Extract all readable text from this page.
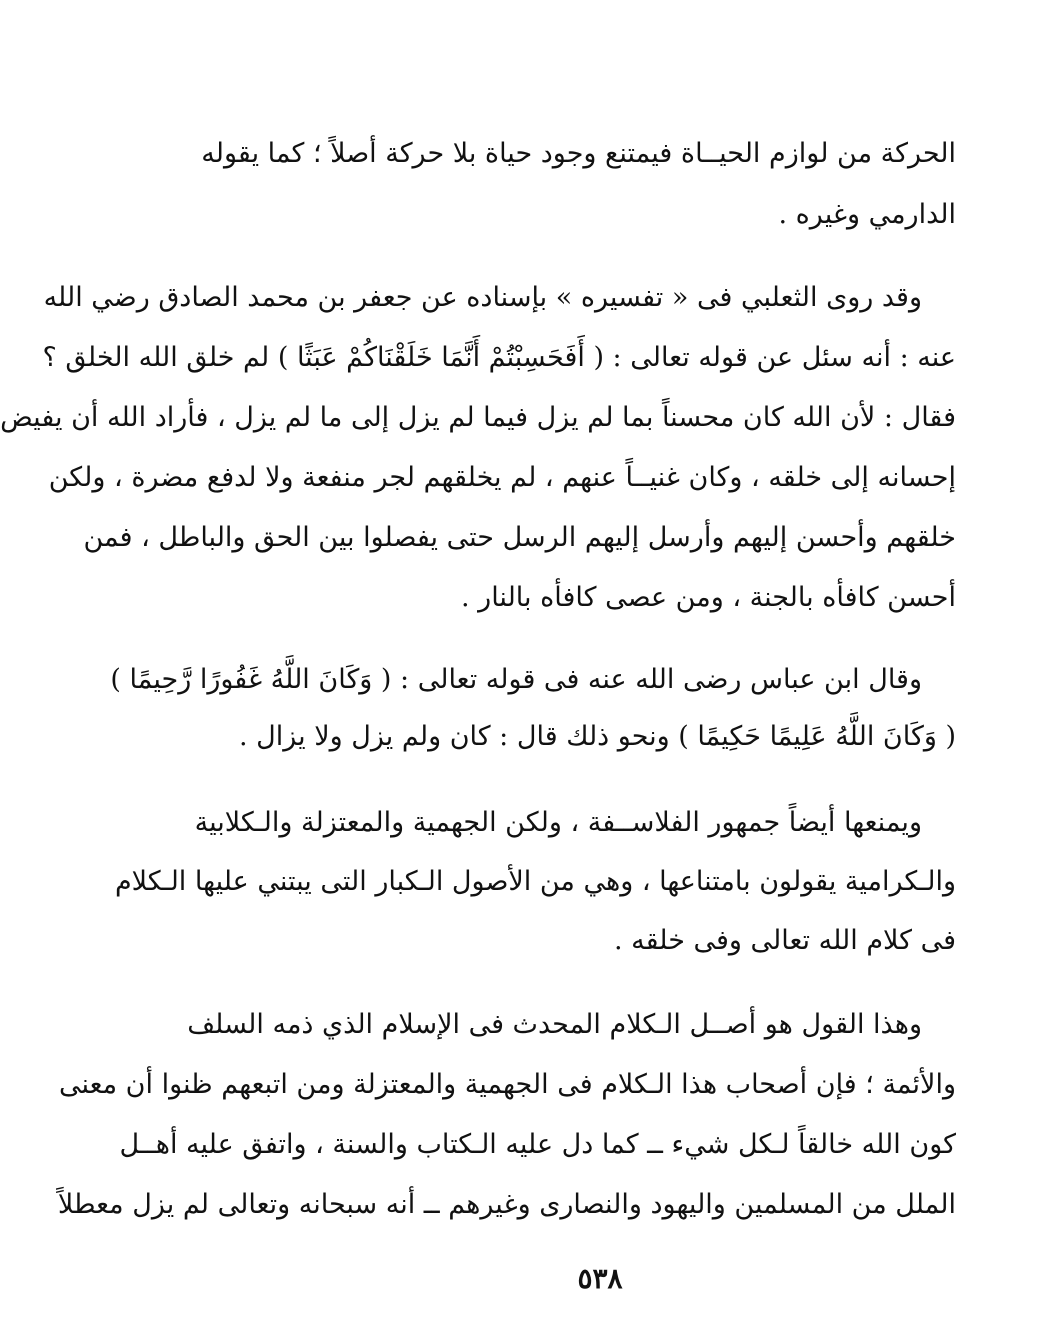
الحركة من لوازم الحيــاة فيمتنع وجود حياة بلا حركة أصلاً ؛ كما يقوله
الدارمي وغيره .
وقد روى الثعلبي فى « تفسيره » بإسناده عن جعفر بن محمد الصادق رضي الله
عنه : أنه سئل عن قوله تعالى : ( أَفَحَسِبْتُمْ أَنَّمَا خَلَقْنَاكُمْ عَبَثًا ) لم خلق الله الخلق ؟
فقال : لأن الله كان محسناً بما لم يزل فيما لم يزل إلى ما لم يزل ، فأراد الله أن يفيض
إحسانه إلى خلقه ، وكان غنيــاً عنهم ، لم يخلقهم لجر منفعة ولا لدفع مضرة ، ولكن
خلقهم وأحسن إليهم وأرسل إليهم الرسل حتى يفصلوا بين الحق والباطل ، فمن
أحسن كافأه بالجنة ، ومن عصى كافأه بالنار .
وقال ابن عباس رضى الله عنه فى قوله تعالى : ( وَكَانَ اللَّهُ غَفُورًا رَّحِيمًا )
( وَكَانَ اللَّهُ عَلِيمًا حَكِيمًا ) ونحو ذلك قال : كان ولم يزل ولا يزال .
ويمنعها أيضاً جمهور الفلاســفة ، ولكن الجهمية والمعتزلة والـكلابية
والـكرامية يقولون بامتناعها ، وهي من الأصول الـكبار التى يبتني عليها الـكلام
فى كلام الله تعالى وفى خلقه .
وهذا القول هو أصــل الـكلام المحدث فى الإسلام الذي ذمه السلف
والأئمة ؛ فإن أصحاب هذا الـكلام فى الجهمية والمعتزلة ومن اتبعهم ظنوا أن معنى
كون الله خالقاً لـكل شيء ــ كما دل عليه الـكتاب والسنة ، واتفق عليه أهــل
الملل من المسلمين واليهود والنصارى وغيرهم ــ أنه سبحانه وتعالى لم يزل معطلاً
٥٣٨
